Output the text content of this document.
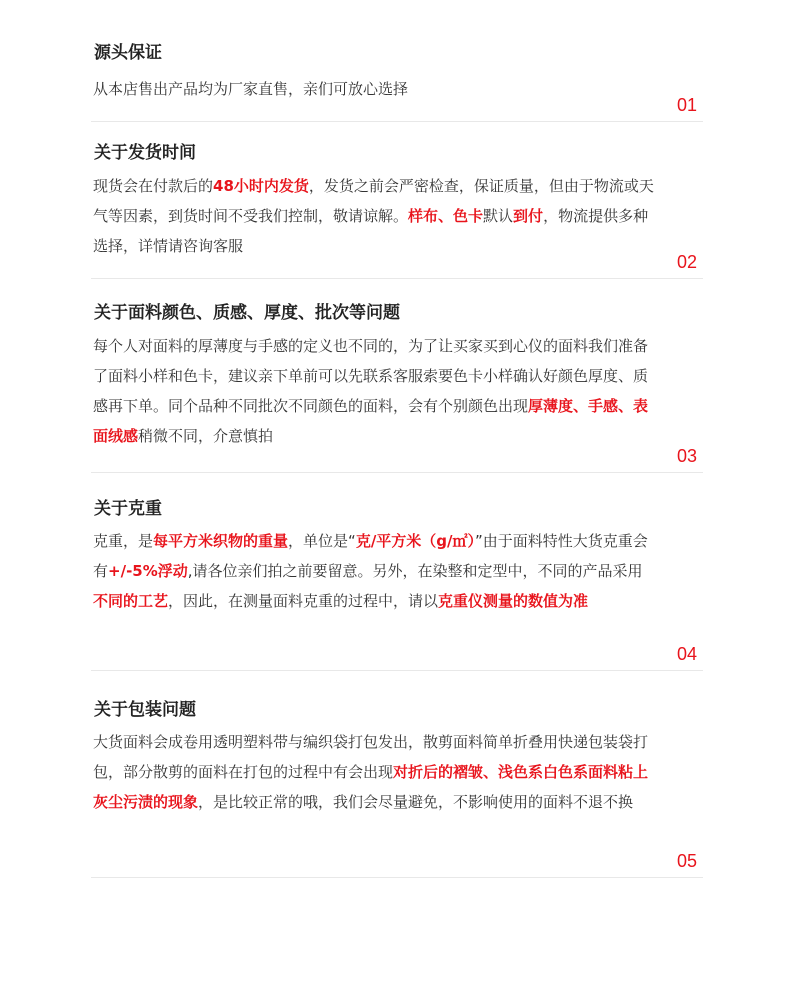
源头保证

从本店售出产品均为厂家直售，亲们可放心选择

01
关于发货时间

现货会在付款后的48小时内发货，发货之前会严密检查，保证质量，但由于物流或天气等因素，到货时间不受我们控制，敬请谅解。样布、色卡默认到付，物流提供多种选择，详情请咨询客服

02
关于面料颜色、质感、厚度、批次等问题

每个人对面料的厚薄度与手感的定义也不同的，为了让买家买到心仪的面料我们准备了面料小样和色卡，建议亲下单前可以先联系客服索要色卡小样确认好颜色厚度、质感再下单。同个品种不同批次不同颜色的面料，会有个别颜色出现厚薄度、手感、表面绒感稍微不同，介意慎拍

03
关于克重

克重，是每平方米织物的重量，单位是“克/平方米（g/㎡）”由于面料特性大货克重会有+/-5%浮动,请各位亲们拍之前要留意。另外，在染整和定型中，不同的产品采用不同的工艺，因此，在测量面料克重的过程中，请以克重仪测量的数值为准

04
关于包装问题

大货面料会成卷用透明塑料带与编织袋打包发出，散剪面料简单折叠用快递包装袋打包，部分散剪的面料在打包的过程中有会出现对折后的褶皱、浅色系白色系面料粘上灰尘污渍的现象，是比较正常的哦，我们会尽量避免，不影响使用的面料不退不换

05
